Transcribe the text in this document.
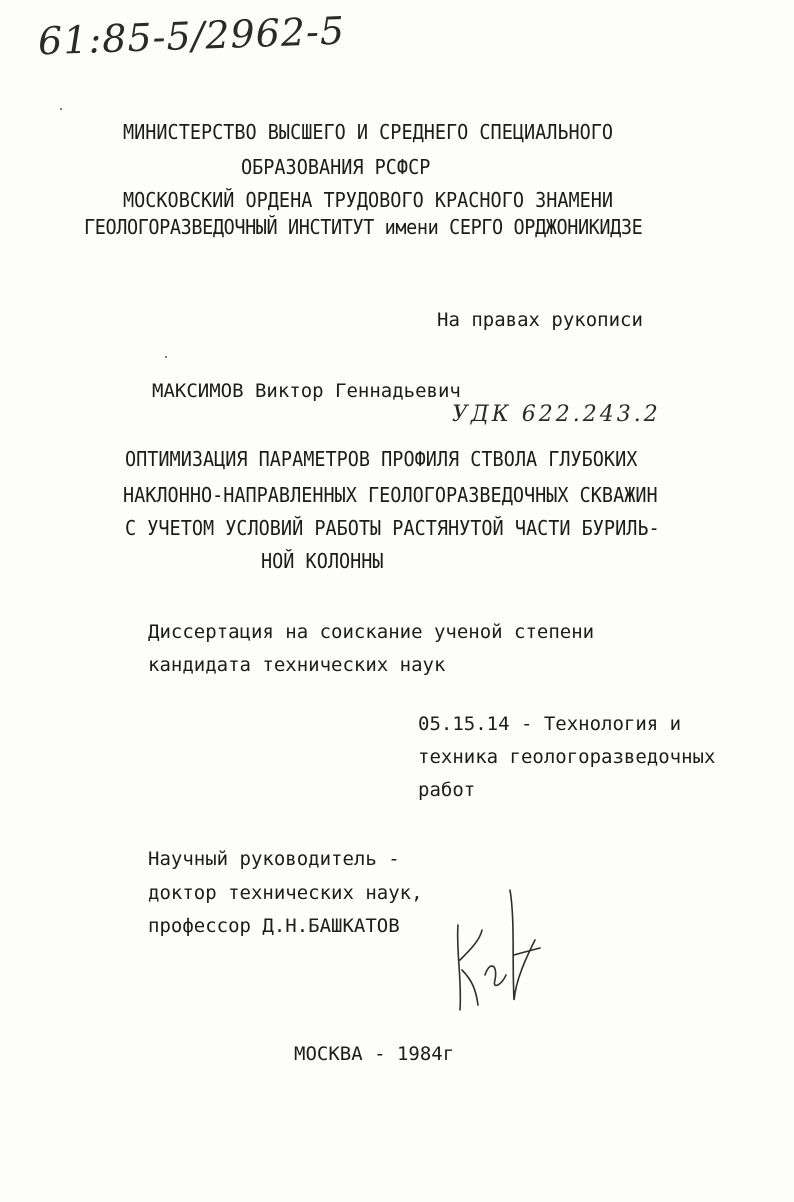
61:85-5/2962-5
МИНИСТЕРСТВО ВЫСШЕГО И СРЕДНЕГО СПЕЦИАЛЬНОГО
ОБРАЗОВАНИЯ РСФСР
МОСКОВСКИЙ ОРДЕНА ТРУДОВОГО КРАСНОГО ЗНАМЕНИ
ГЕОЛОГОРАЗВЕДОЧНЫЙ ИНСТИТУТ имени СЕРГО ОРДЖОНИКИДЗЕ
На правах рукописи
МАКСИМОВ Виктор Геннадьевич
УДК 622.243.2
ОПТИМИЗАЦИЯ ПАРАМЕТРОВ ПРОФИЛЯ СТВОЛА ГЛУБОКИХ
НАКЛОННО-НАПРАВЛЕННЫХ ГЕОЛОГОРАЗВЕДОЧНЫХ СКВАЖИН
С УЧЕТОМ УСЛОВИЙ РАБОТЫ РАСТЯНУТОЙ ЧАСТИ БУРИЛЬ-
НОЙ КОЛОННЫ
Диссертация на соискание ученой степени
кандидата технических наук
05.15.14 - Технология и
техника геологоразведочных
работ
Научный руководитель -
доктор технических наук,
профессор Д.Н.БАШКАТОВ
МОСКВА - 1984г
